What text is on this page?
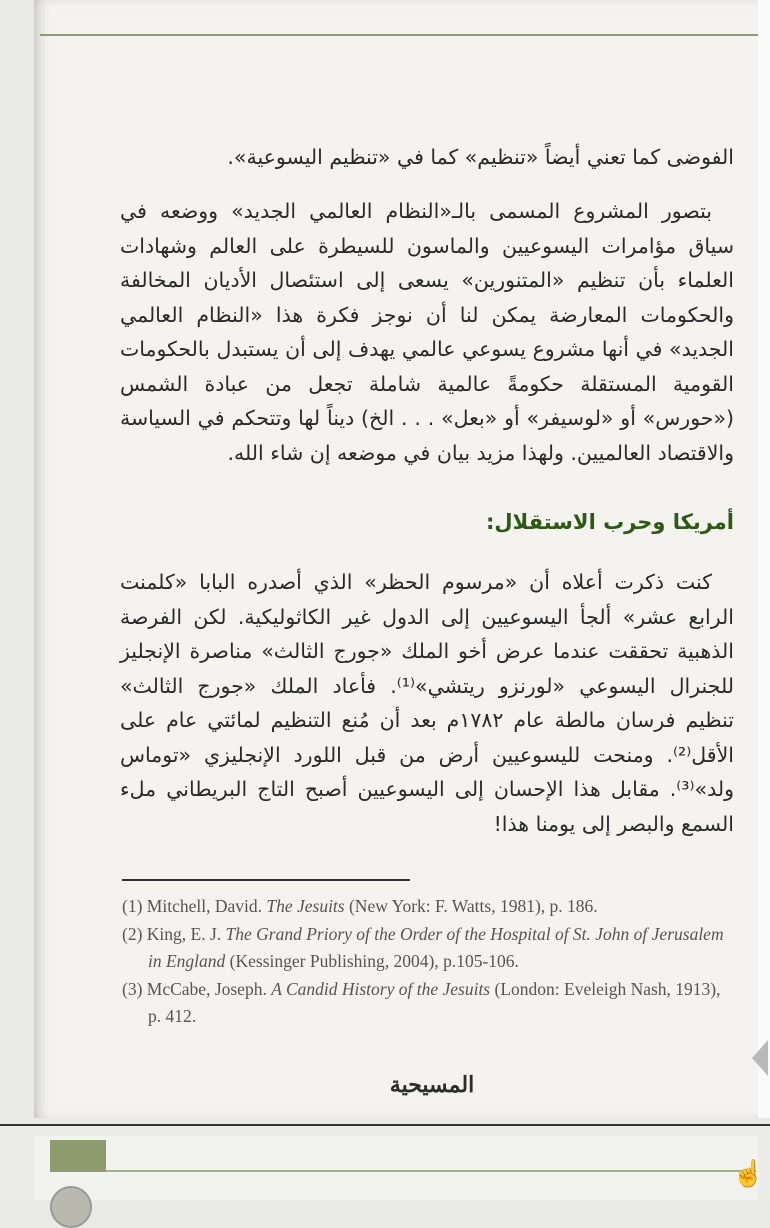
الفوضى كما تعني أيضاً «تنظيم» كما في «تنظيم اليسوعية».

بتصور المشروع المسمى بالـ«النظام العالمي الجديد» ووضعه في سياق مؤامرات اليسوعيين والماسون للسيطرة على العالم وشهادات العلماء بأن تنظيم «المتنورين» يسعى إلى استئصال الأديان المخالفة والحكومات المعارضة يمكن لنا أن نوجز فكرة هذا «النظام العالمي الجديد» في أنها مشروع يسوعي عالمي يهدف إلى أن يستبدل بالحكومات القومية المستقلة حكومةً عالمية شاملة تجعل من عبادة الشمس («حورس» أو «لوسيفر» أو «بعل» . . . الخ) ديناً لها وتتحكم في السياسة والاقتصاد العالميين. ولهذا مزيد بيان في موضعه إن شاء الله.

أمريكا وحرب الاستقلال:

كنت ذكرت أعلاه أن «مرسوم الحظر» الذي أصدره البابا «كلمنت الرابع عشر» ألجأ اليسوعيين إلى الدول غير الكاثوليكية. لكن الفرصة الذهبية تحققت عندما عرض أخو الملك «جورج الثالث» مناصرة الإنجليز للجنرال اليسوعي «لورنزو ريتشي»⁽¹⁾. فأعاد الملك «جورج الثالث» تنظيم فرسان مالطة عام ١٧٨٢م بعد أن مُنع التنظيم لمائتي عام على الأقل⁽²⁾. ومنحت لليسوعيين أرض من قبل اللورد الإنجليزي «توماس ولد»⁽³⁾. مقابل هذا الإحسان إلى اليسوعيين أصبح التاج البريطاني ملء السمع والبصر إلى يومنا هذا!

(1) Mitchell, David. The Jesuits (New York: F. Watts, 1981), p. 186.

(2) King, E. J. The Grand Priory of the Order of the Hospital of St. John of Jerusalem in England (Kessinger Publishing, 2004), p.105-106.

(3) McCabe, Joseph. A Candid History of the Jesuits (London: Eveleigh Nash, 1913), p. 412.

المسيحية
☝
